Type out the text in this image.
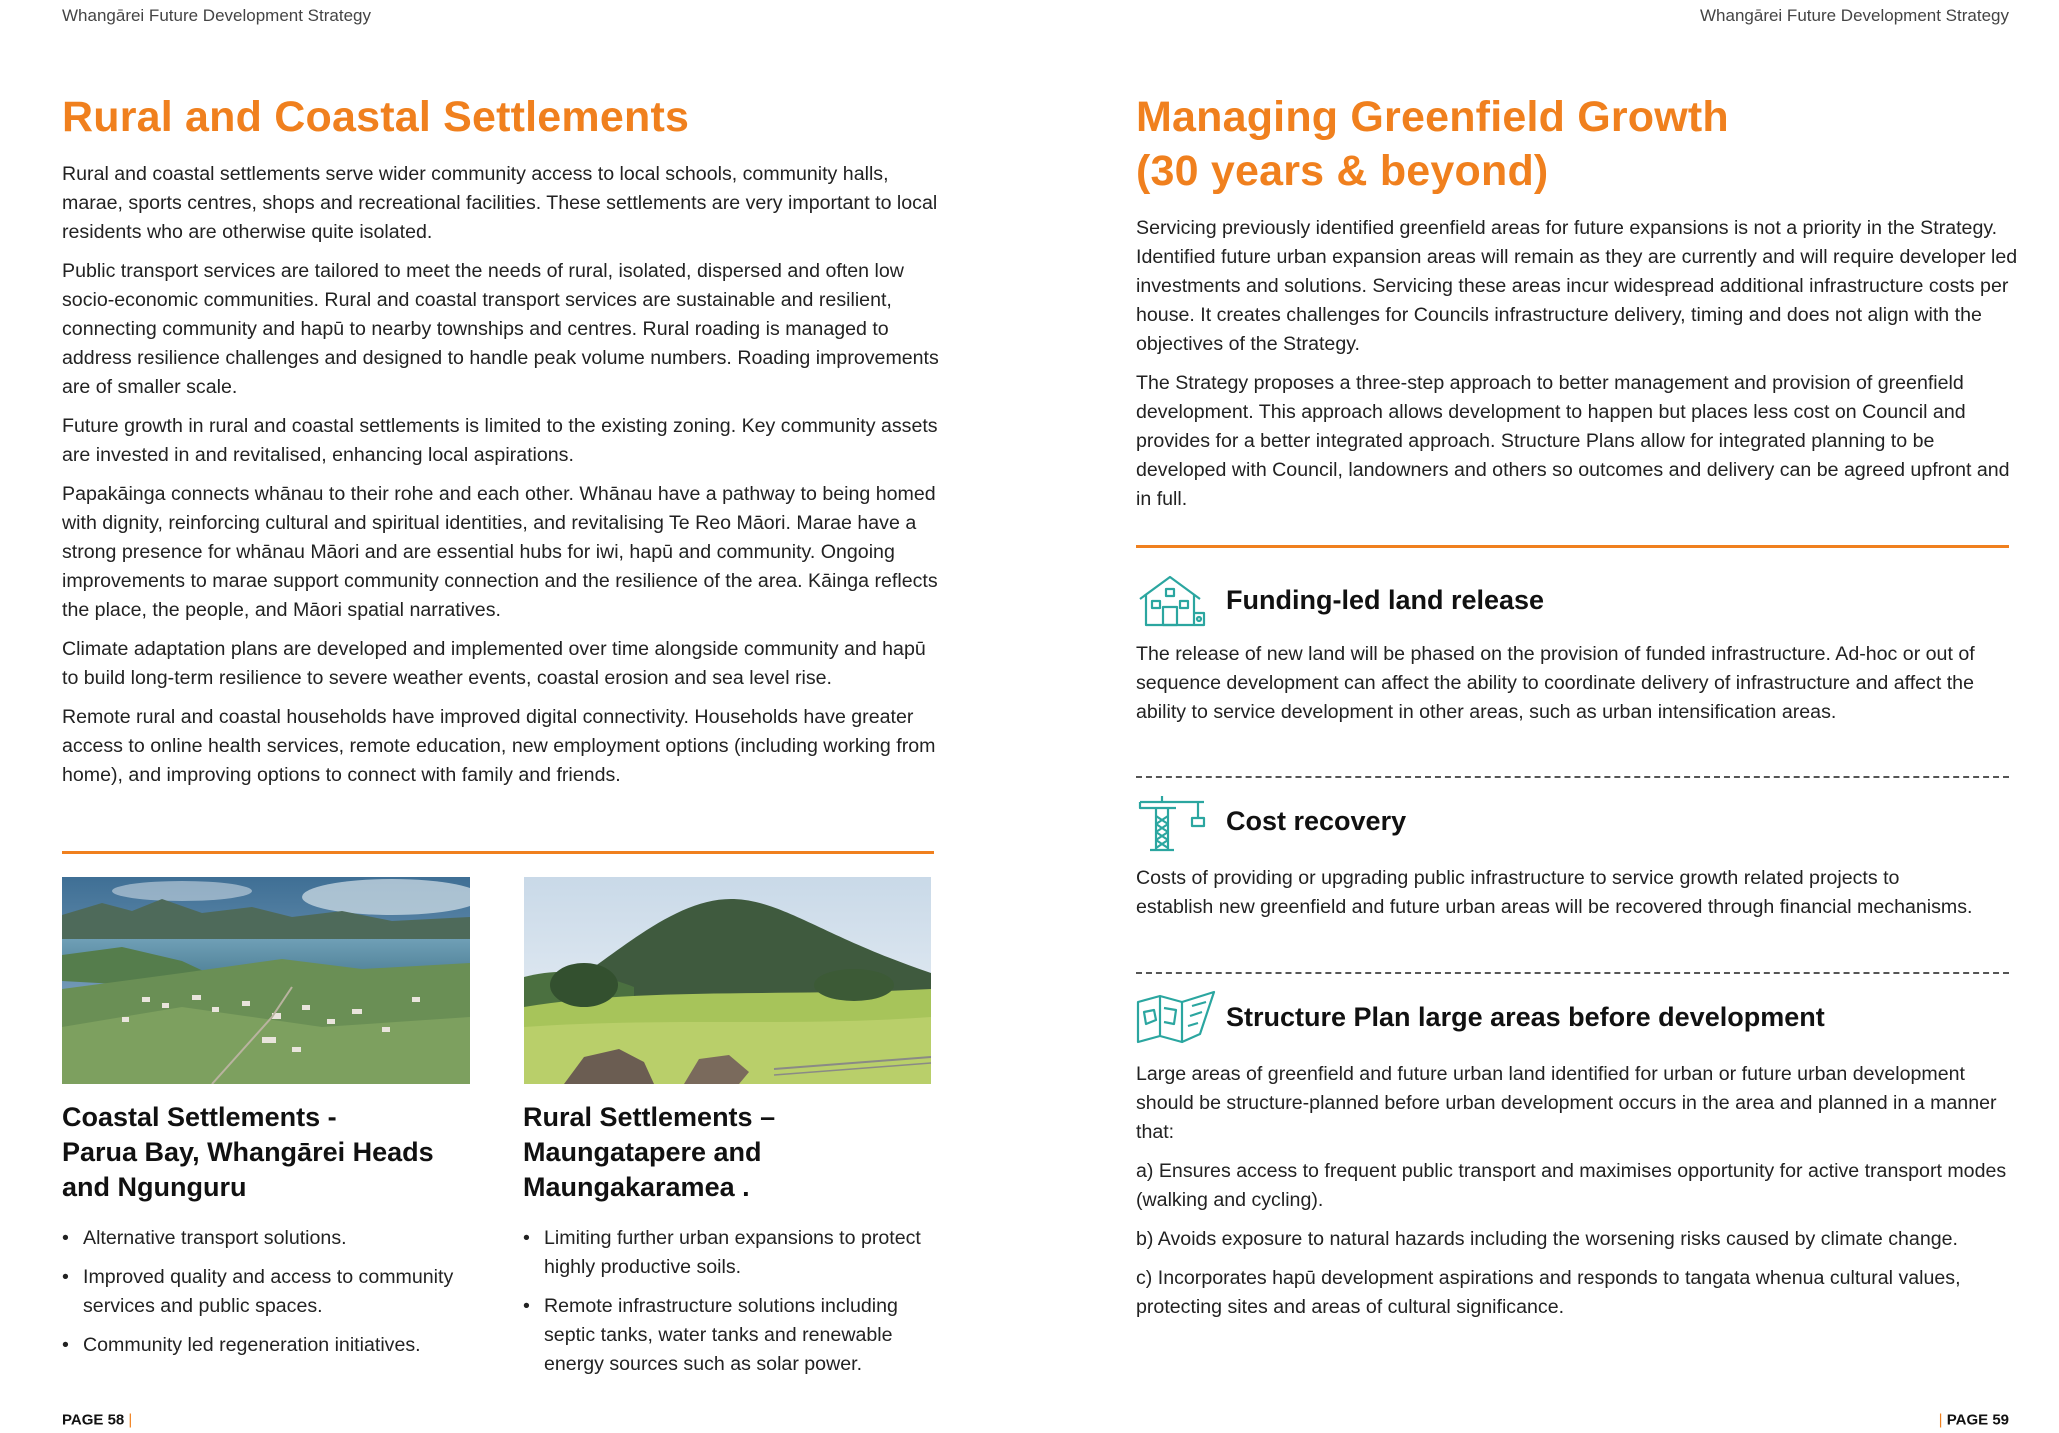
Whangārei Future Development Strategy
Rural and Coastal Settlements

Rural and coastal settlements serve wider community access to local schools, community halls, marae, sports centres, shops and recreational facilities. These settlements are very important to local residents who are otherwise quite isolated.

Public transport services are tailored to meet the needs of rural, isolated, dispersed and often low socio-economic communities. Rural and coastal transport services are sustainable and resilient, connecting community and hapū to nearby townships and centres. Rural roading is managed to address resilience challenges and designed to handle peak volume numbers. Roading improvements are of smaller scale.

Future growth in rural and coastal settlements is limited to the existing zoning. Key community assets are invested in and revitalised, enhancing local aspirations.

Papakāinga connects whānau to their rohe and each other. Whānau have a pathway to being homed with dignity, reinforcing cultural and spiritual identities, and revitalising Te Reo Māori. Marae have a strong presence for whānau Māori and are essential hubs for iwi, hapū and community. Ongoing improvements to marae support community connection and the resilience of the area. Kāinga reflects the place, the people, and Māori spatial narratives.

Climate adaptation plans are developed and implemented over time alongside community and hapū to build long-term resilience to severe weather events, coastal erosion and sea level rise.

Remote rural and coastal households have improved digital connectivity. Households have greater access to online health services, remote education, new employment options (including working from home), and improving options to connect with family and friends.

Coastal Settlements -
Parua Bay, Whangārei Heads
and Ngunguru
Rural Settlements –
Maungatapere and
Maungakaramea .
• Alternative transport solutions.
• Improved quality and access to community services and public spaces.
• Community led regeneration initiatives.
• Limiting further urban expansions to protect highly productive soils.
• Remote infrastructure solutions including septic tanks, water tanks and renewable energy sources such as solar power.
PAGE 58 |
Whangārei Future Development Strategy
Managing Greenfield Growth
(30 years & beyond)

Servicing previously identified greenfield areas for future expansions is not a priority in the Strategy. Identified future urban expansion areas will remain as they are currently and will require developer led investments and solutions. Servicing these areas incur widespread additional infrastructure costs per house. It creates challenges for Councils infrastructure delivery, timing and does not align with the objectives of the Strategy.

The Strategy proposes a three-step approach to better management and provision of greenfield development. This approach allows development to happen but places less cost on Council and provides for a better integrated approach. Structure Plans allow for integrated planning to be developed with Council, landowners and others so outcomes and delivery can be agreed upfront and in full.

Funding-led land release

The release of new land will be phased on the provision of funded infrastructure. Ad-hoc or out of sequence development can affect the ability to coordinate delivery of infrastructure and affect the ability to service development in other areas, such as urban intensification areas.

Cost recovery

Costs of providing or upgrading public infrastructure to service growth related projects to establish new greenfield and future urban areas will be recovered through financial mechanisms.

Structure Plan large areas before development

Large areas of greenfield and future urban land identified for urban or future urban development should be structure-planned before urban development occurs in the area and planned in a manner that:

a) Ensures access to frequent public transport and maximises opportunity for active transport modes (walking and cycling).

b) Avoids exposure to natural hazards including the worsening risks caused by climate change.

c) Incorporates hapū development aspirations and responds to tangata whenua cultural values, protecting sites and areas of cultural significance.

| PAGE 59
